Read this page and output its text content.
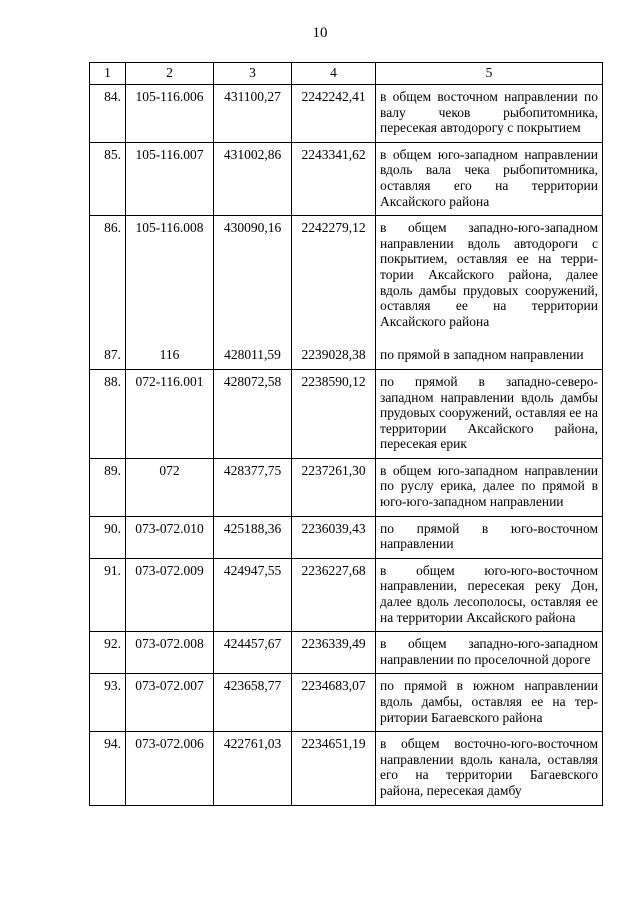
10
1	2	3	4	5
84.	105-116.006	431100,27	2242242,41	в общем восточном направлении по валу чеков рыбопитомника, пересекая автодорогу с покрытием
85.	105-116.007	431002,86	2243341,62	в общем юго-западном направлении вдоль вала чека рыбопитомника, оставляя его на территории Аксайского района
86.	105-116.008	430090,16	2242279,12	в общем западно-юго-западном направлении вдоль автодороги с покрытием, оставляя ее на территории Аксайского района, далее вдоль дамбы прудовых сооружений, оставляя ее на территории Аксайского района
87.	116	428011,59	2239028,38	по прямой в западном направлении
88.	072-116.001	428072,58	2238590,12	по прямой в западно-северо-западном направлении вдоль дамбы прудовых сооружений, оставляя ее на территории Аксайского района, пересекая ерик
89.	072	428377,75	2237261,30	в общем юго-западном направлении по руслу ерика, далее по прямой в юго-юго-западном направлении
90.	073-072.010	425188,36	2236039,43	по прямой в юго-восточном направлении
91.	073-072.009	424947,55	2236227,68	в общем юго-юго-восточном направлении, пересекая реку Дон, далее вдоль лесополосы, оставляя ее на территории Аксайского района
92.	073-072.008	424457,67	2236339,49	в общем западно-юго-западном направлении по проселочной дороге
93.	073-072.007	423658,77	2234683,07	по прямой в южном направлении вдоль дамбы, оставляя ее на территории Багаевского района
94.	073-072.006	422761,03	2234651,19	в общем восточно-юго-восточном направлении вдоль канала, оставляя его на территории Багаевского района, пересекая дамбу
